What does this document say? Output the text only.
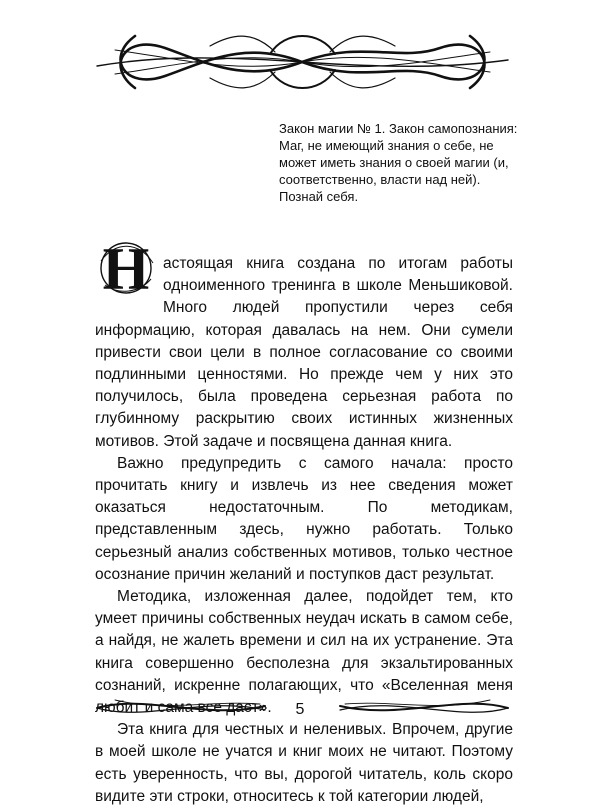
Закон магии № 1. Закон самопознания: Маг, не имеющий знания о себе, не может иметь знания о своей магии (и, соответственно, власти над ней). Познай себя.

Н астоящая книга создана по итогам работы одноименного тренинга в школе Меньшиковой. Много людей пропустили через себя информацию, которая давалась на нем. Они сумели привести свои цели в полное согласование со своими подлинными ценностями. Но прежде чем у них это получилось, была проведена серьезная работа по глубинному раскрытию своих истинных жизненных мотивов. Этой задаче и посвящена данная книга.

Важно предупредить с самого начала: просто прочитать книгу и извлечь из нее сведения может оказаться недостаточным. По методикам, представленным здесь, нужно работать. Только серьезный анализ собственных мотивов, только честное осознание причин желаний и поступков даст результат.

Методика, изложенная далее, подойдет тем, кто умеет причины собственных неудач искать в самом себе, а найдя, не жалеть времени и сил на их устранение. Эта книга совершенно бесполезна для экзальтированных сознаний, искренне полагающих, что «Вселенная меня любит и сама все даст».

Эта книга для честных и неленивых. Впрочем, другие в моей школе не учатся и книг моих не читают. Поэтому есть уверенность, что вы, дорогой читатель, коль скоро видите эти строки, относитесь к той категории людей,

5
